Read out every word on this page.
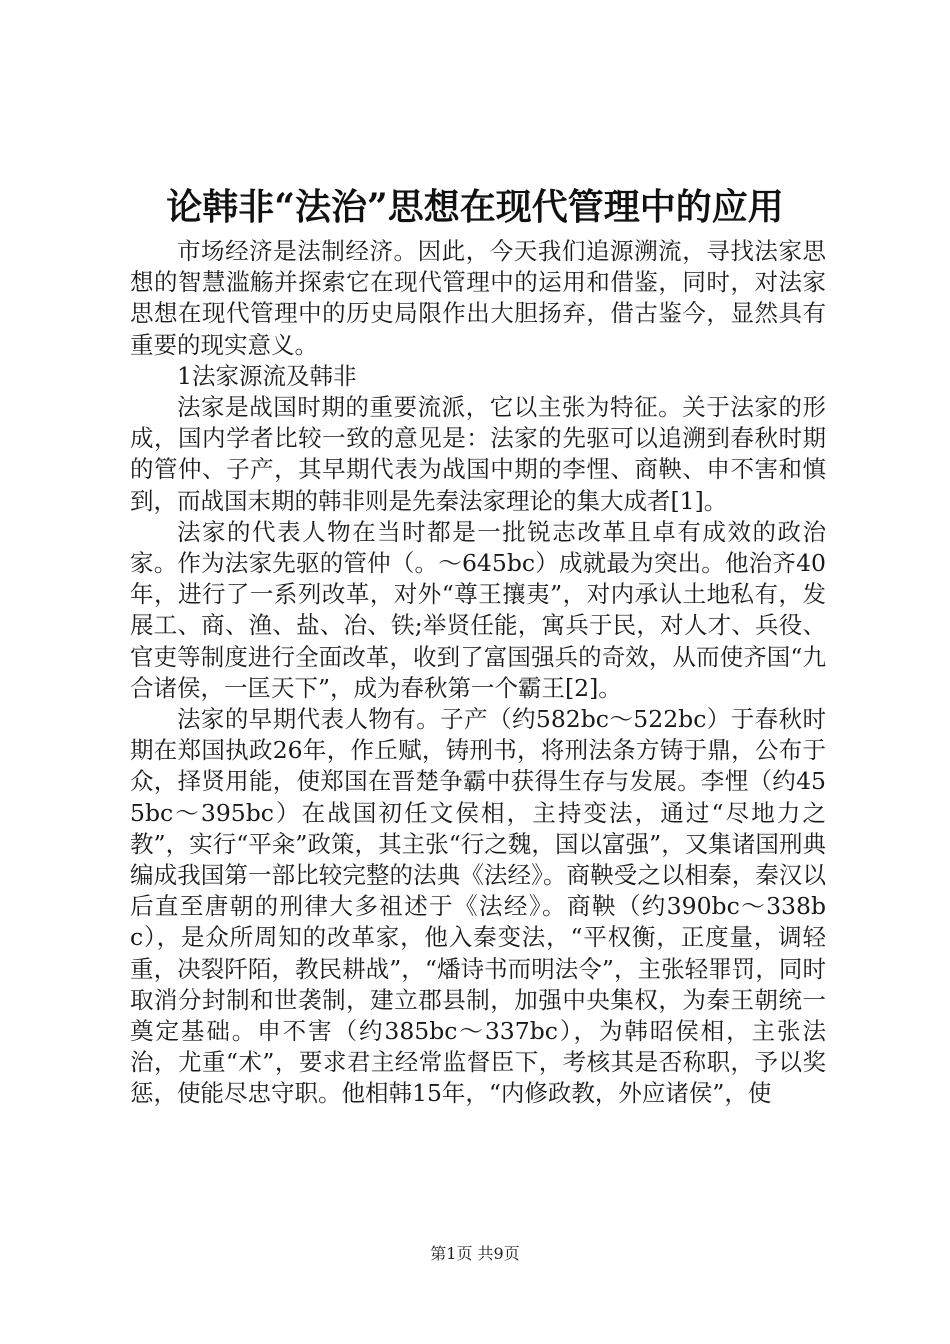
论韩非“法治”思想在现代管理中的应用

市场经济是法制经济。因此，今天我们追源溯流，寻找法家思想的智慧滥觞并探索它在现代管理中的运用和借鉴，同时，对法家思想在现代管理中的历史局限作出大胆扬弃，借古鉴今，显然具有重要的现实意义。

1法家源流及韩非

法家是战国时期的重要流派，它以主张为特征。关于法家的形成，国内学者比较一致的意见是：法家的先驱可以追溯到春秋时期的管仲、子产，其早期代表为战国中期的李悝、商鞅、申不害和慎到，而战国末期的韩非则是先秦法家理论的集大成者[1]。

法家的代表人物在当时都是一批锐志改革且卓有成效的政治家。作为法家先驱的管仲（。～645bc）成就最为突出。他治齐40年，进行了一系列改革，对外“尊王攘夷”，对内承认土地私有，发展工、商、渔、盐、冶、铁;举贤任能，寓兵于民，对人才、兵役、官吏等制度进行全面改革，收到了富国强兵的奇效，从而使齐国“九合诸侯，一匡天下”，成为春秋第一个霸王[2]。

法家的早期代表人物有。子产（约582bc～522bc）于春秋时期在郑国执政26年，作丘赋，铸刑书，将刑法条方铸于鼎，公布于众，择贤用能，使郑国在晋楚争霸中获得生存与发展。李悝（约455bc～395bc）在战国初任文侯相，主持变法，通过“尽地力之教”，实行“平籴”政策，其主张“行之魏，国以富强”，又集诸国刑典编成我国第一部比较完整的法典《法经》。商鞅受之以相秦，秦汉以后直至唐朝的刑律大多祖述于《法经》。商鞅（约390bc～338bc），是众所周知的改革家，他入秦变法，“平权衡，正度量，调轻重，决裂阡陌，教民耕战”，“燔诗书而明法令”，主张轻罪罚，同时取消分封制和世袭制，建立郡县制，加强中央集权，为秦王朝统一奠定基础。申不害（约385bc～337bc），为韩昭侯相，主张法治，尤重“术”，要求君主经常监督臣下，考核其是否称职，予以奖惩，使能尽忠守职。他相韩15年，“内修政教，外应诸侯”，使

第1页 共9页
